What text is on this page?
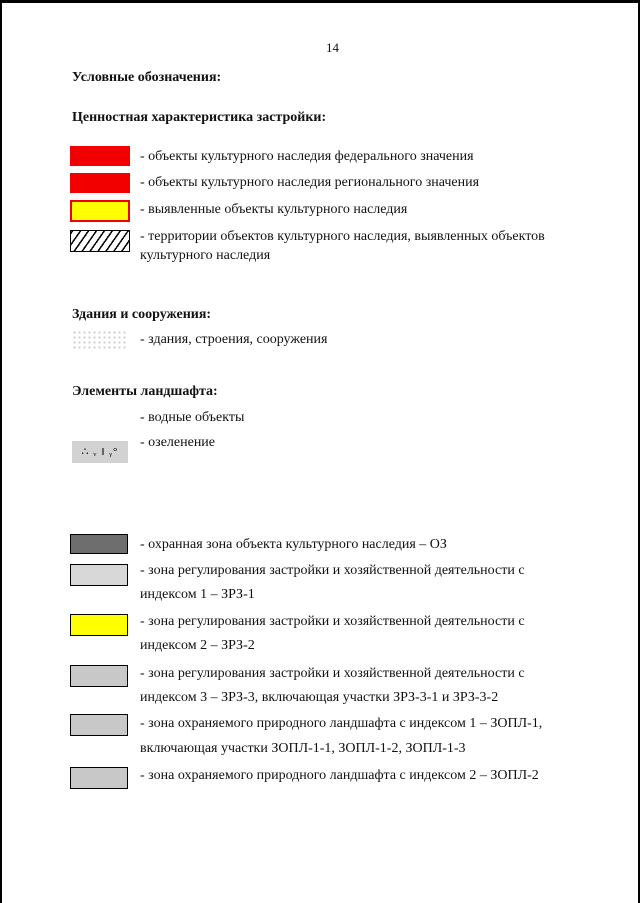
14
Условные обозначения:
Ценностная характеристика застройки:
- объекты культурного наследия федерального значения
- объекты культурного наследия регионального значения
- выявленные объекты культурного наследия
- территории объектов культурного наследия, выявленных объектов
культурного наследия
Здания и сооружения:
- здания, строения, сооружения
Элементы ландшафта:
- водные объекты
∴ ᵥ ‖ ᵧ°
- озеленение
- охранная зона объекта культурного наследия – ОЗ
- зона регулирования застройки и хозяйственной деятельности с
индексом 1 – ЗРЗ-1
- зона регулирования застройки и хозяйственной деятельности с
индексом 2 – ЗРЗ-2
- зона регулирования застройки и хозяйственной деятельности с
индексом 3 – ЗРЗ-3, включающая участки ЗРЗ-3-1 и ЗРЗ-3-2
- зона охраняемого природного ландшафта с индексом 1 – ЗОПЛ-1,
включающая участки ЗОПЛ-1-1, ЗОПЛ-1-2, ЗОПЛ-1-3
- зона охраняемого природного ландшафта с индексом 2 – ЗОПЛ-2
